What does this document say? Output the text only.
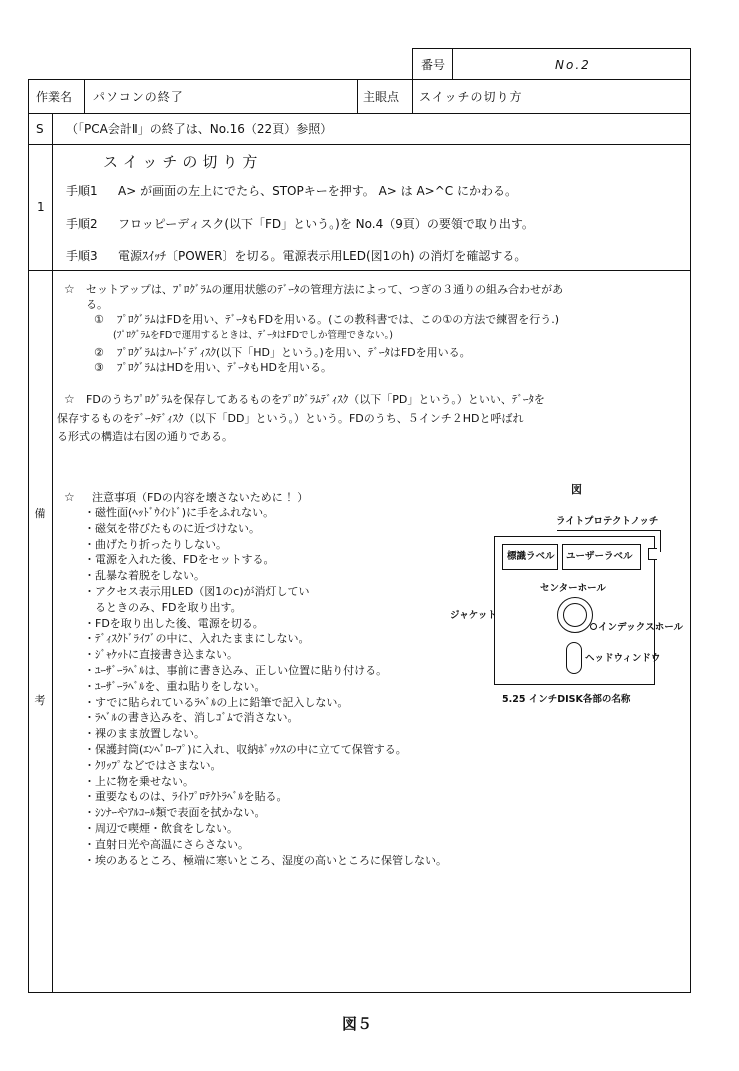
番号	No.2
作業名 パソコンの終了	主眼点 スイッチの切り方
S （「PCA会計Ⅱ」の終了は、No.16（22頁）参照）
1
スイッチの切り方
手順1 A> が画面の左上にでたら、STOPキーを押す。 A> は A>^C にかわる。
手順2 フロッピーディスク(以下「FD」という。)を No.4（9頁）の要領で取り出す。
手順3 電源ｽｲｯﾁ〔POWER〕を切る。電源表示用LED(図1のh) の消灯を確認する。
備
考
☆ セットアップは、ﾌﾟﾛｸﾞﾗﾑの運用状態のﾃﾞｰﾀの管理方法によって、つぎの３通りの組み合わせがあ
る。
① ﾌﾟﾛｸﾞﾗﾑはFDを用い、ﾃﾞｰﾀもFDを用いる。(この教科書では、この①の方法で練習を行う.)
(ﾌﾟﾛｸﾞﾗﾑをFDで運用するときは、ﾃﾞｰﾀはFDでしか管理できない。)
② ﾌﾟﾛｸﾞﾗﾑはﾊｰﾄﾞﾃﾞｨｽｸ(以下「HD」という。)を用い、ﾃﾞｰﾀはFDを用いる。
③ ﾌﾟﾛｸﾞﾗﾑはHDを用い、ﾃﾞｰﾀもHDを用いる。
☆ FDのうちﾌﾟﾛｸﾞﾗﾑを保存してあるものをﾌﾟﾛｸﾞﾗﾑﾃﾞｨｽｸ（以下「PD」という。）といい、ﾃﾞｰﾀを
保存するものをﾃﾞｰﾀﾃﾞｨｽｸ（以下「DD」という。）という。FDのうち、５インチ２HDと呼ばれ
る形式の構造は右図の通りである。
☆ 注意事項（FDの内容を壊さないために ！）
・磁性面(ﾍｯﾄﾞｳｲﾝﾄﾞ)に手をふれない。
・磁気を帯びたものに近づけない。
・曲げたり折ったりしない。
・電源を入れた後、FDをセットする。
・乱暴な着脱をしない。
・アクセス表示用LED（図1のc)が消灯してい
　るときのみ、FDを取り出す。
・FDを取り出した後、電源を切る。
・ﾃﾞｨｽｸﾄﾞﾗｲﾌﾞの中に、入れたままにしない。
・ｼﾞｬｹｯﾄに直接書き込まない。
・ﾕｰｻﾞｰﾗﾍﾞﾙは、事前に書き込み、正しい位置に貼り付ける。
・ﾕｰｻﾞｰﾗﾍﾞﾙを、重ね貼りをしない。
・すでに貼られているﾗﾍﾞﾙの上に鉛筆で記入しない。
・ﾗﾍﾞﾙの書き込みを、消しｺﾞﾑで消さない。
・裸のまま放置しない。
・保護封筒(ｴﾝﾍﾞﾛｰﾌﾟ)に入れ、収納ﾎﾞｯｸｽの中に立てて保管する。
・ｸﾘｯﾌﾟなどではさまない。
・上に物を乗せない。
・重要なものは、ﾗｲﾄﾌﾟﾛﾃｸﾄﾗﾍﾞﾙを貼る。
・ｼﾝﾅｰやｱﾙｺｰﾙ類で表面を拭かない。
・周辺で喫煙・飲食をしない。
・直射日光や高温にさらさない。
・埃のあるところ、極端に寒いところ、湿度の高いところに保管しない。
図
ライトプロテクトノッチ
標識ラベル ユーザーラベル
センターホール
ジャケット
インデックスホール
ヘッドウィンドウ
5.25 インチDISK各部の名称
図５
